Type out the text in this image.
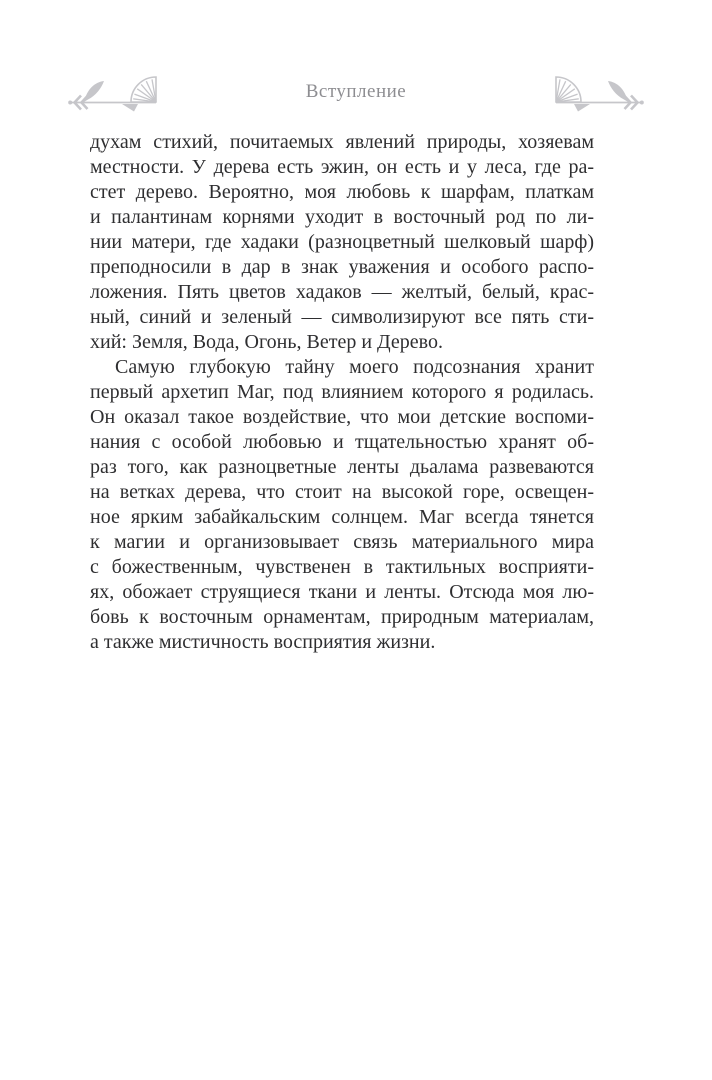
Вступление
духам стихий, почитаемых явлений природы, хозяевам
местности. У дерева есть эжин, он есть и у леса, где ра-
стет дерево. Вероятно, моя любовь к шарфам, платкам
и палантинам корнями уходит в восточный род по ли-
нии матери, где хадаки (разноцветный шелковый шарф)
преподносили в дар в знак уважения и особого распо-
ложения. Пять цветов хадаков — желтый, белый, крас-
ный, синий и зеленый — символизируют все пять сти-
хий: Земля, Вода, Огонь, Ветер и Дерево.
Самую глубокую тайну моего подсознания хранит
первый архетип Маг, под влиянием которого я родилась.
Он оказал такое воздействие, что мои детские воспоми-
нания с особой любовью и тщательностью хранят об-
раз того, как разноцветные ленты дьалама развеваются
на ветках дерева, что стоит на высокой горе, освещен-
ное ярким забайкальским солнцем. Маг всегда тянется
к магии и организовывает связь материального мира
с божественным, чувственен в тактильных восприяти-
ях, обожает струящиеся ткани и ленты. Отсюда моя лю-
бовь к восточным орнаментам, природным материалам,
а также мистичность восприятия жизни.
